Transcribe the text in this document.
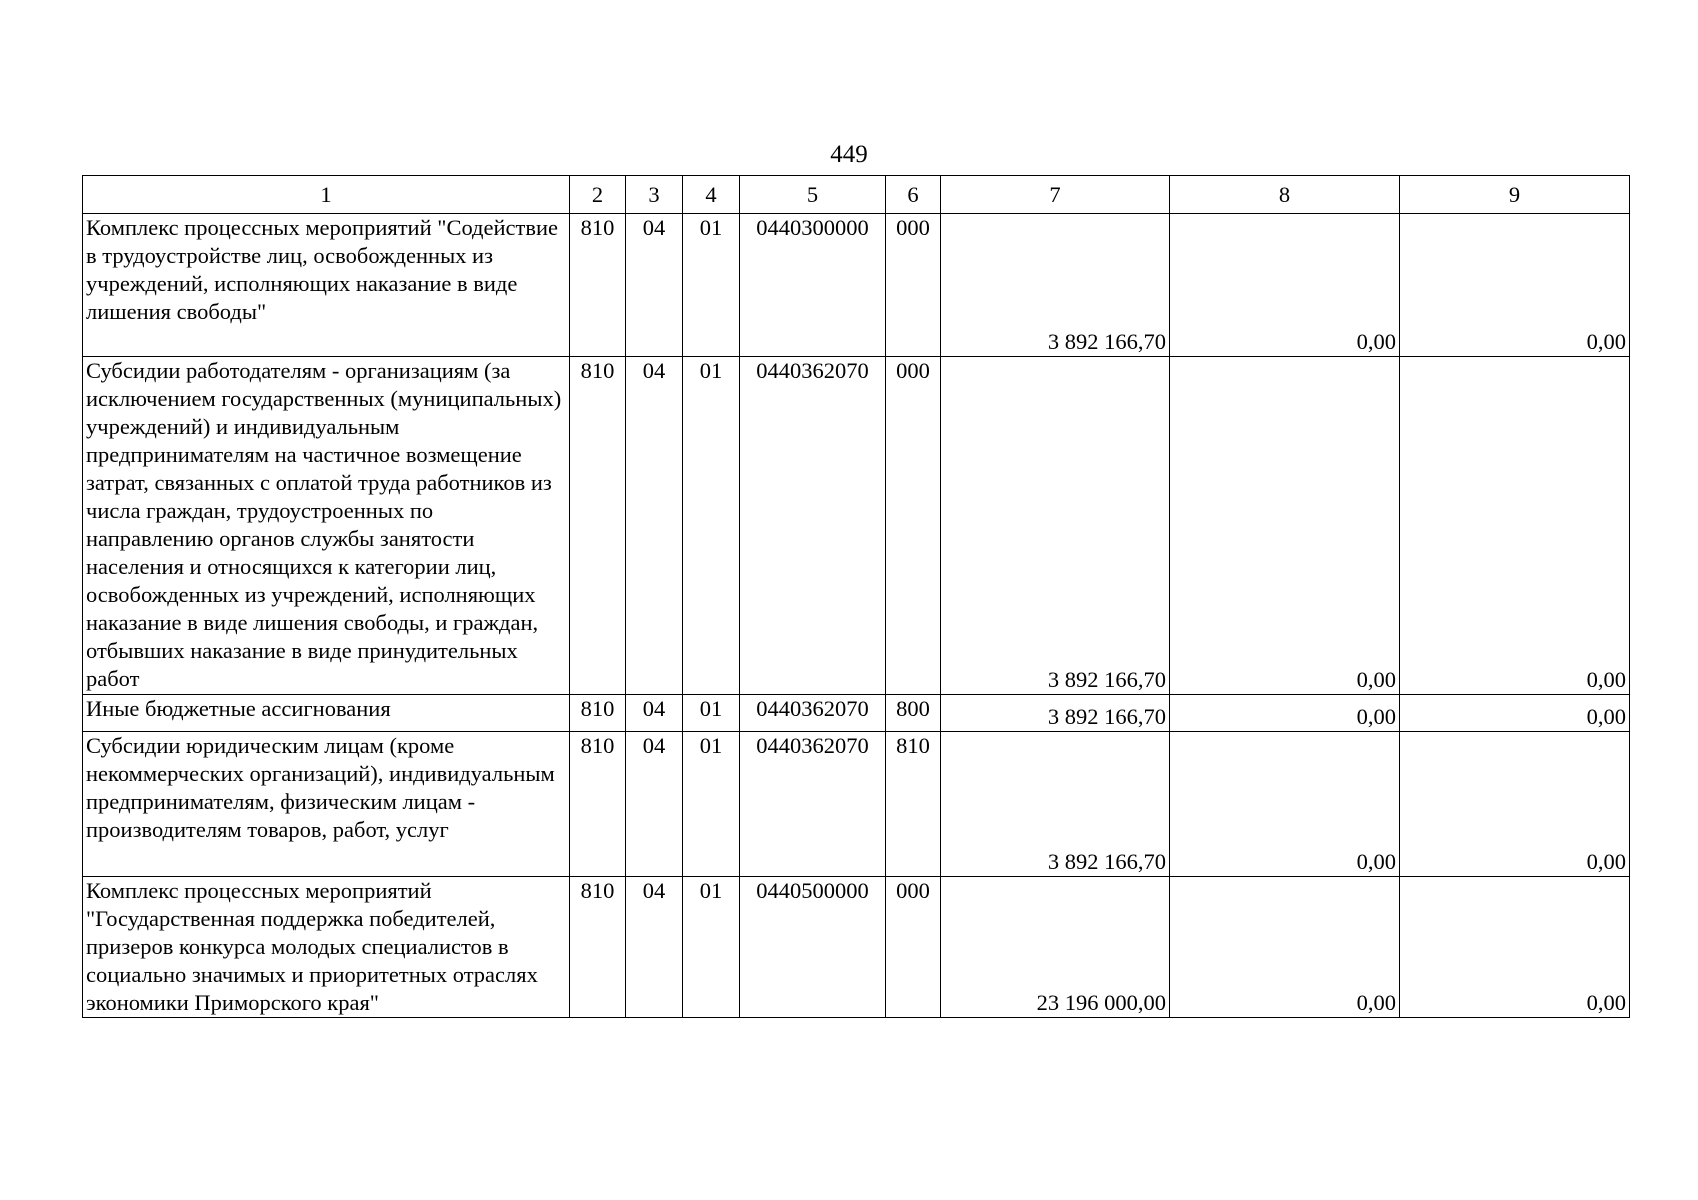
449
1	2	3	4	5	6	7	8	9
Комплекс процессных мероприятий "Содействие в трудоустройстве лиц, освобожденных из учреждений, исполняющих наказание в виде лишения свободы"	810	04	01	0440300000	000	3 892 166,70	0,00	0,00
Субсидии работодателям - организациям (за исключением государственных (муниципальных) учреждений) и индивидуальным предпринимателям на частичное возмещение затрат, связанных с оплатой труда работников из числа граждан, трудоустроенных по направлению органов службы занятости населения и относящихся к категории лиц, освобожденных из учреждений, исполняющих наказание в виде лишения свободы, и граждан, отбывших наказание в виде принудительных работ	810	04	01	0440362070	000	3 892 166,70	0,00	0,00
Иные бюджетные ассигнования	810	04	01	0440362070	800	3 892 166,70	0,00	0,00
Субсидии юридическим лицам (кроме некоммерческих организаций), индивидуальным предпринимателям, физическим лицам - производителям товаров, работ, услуг	810	04	01	0440362070	810	3 892 166,70	0,00	0,00
Комплекс процессных мероприятий "Государственная поддержка победителей, призеров конкурса молодых специалистов в социально значимых и приоритетных отраслях экономики Приморского края"	810	04	01	0440500000	000	23 196 000,00	0,00	0,00
